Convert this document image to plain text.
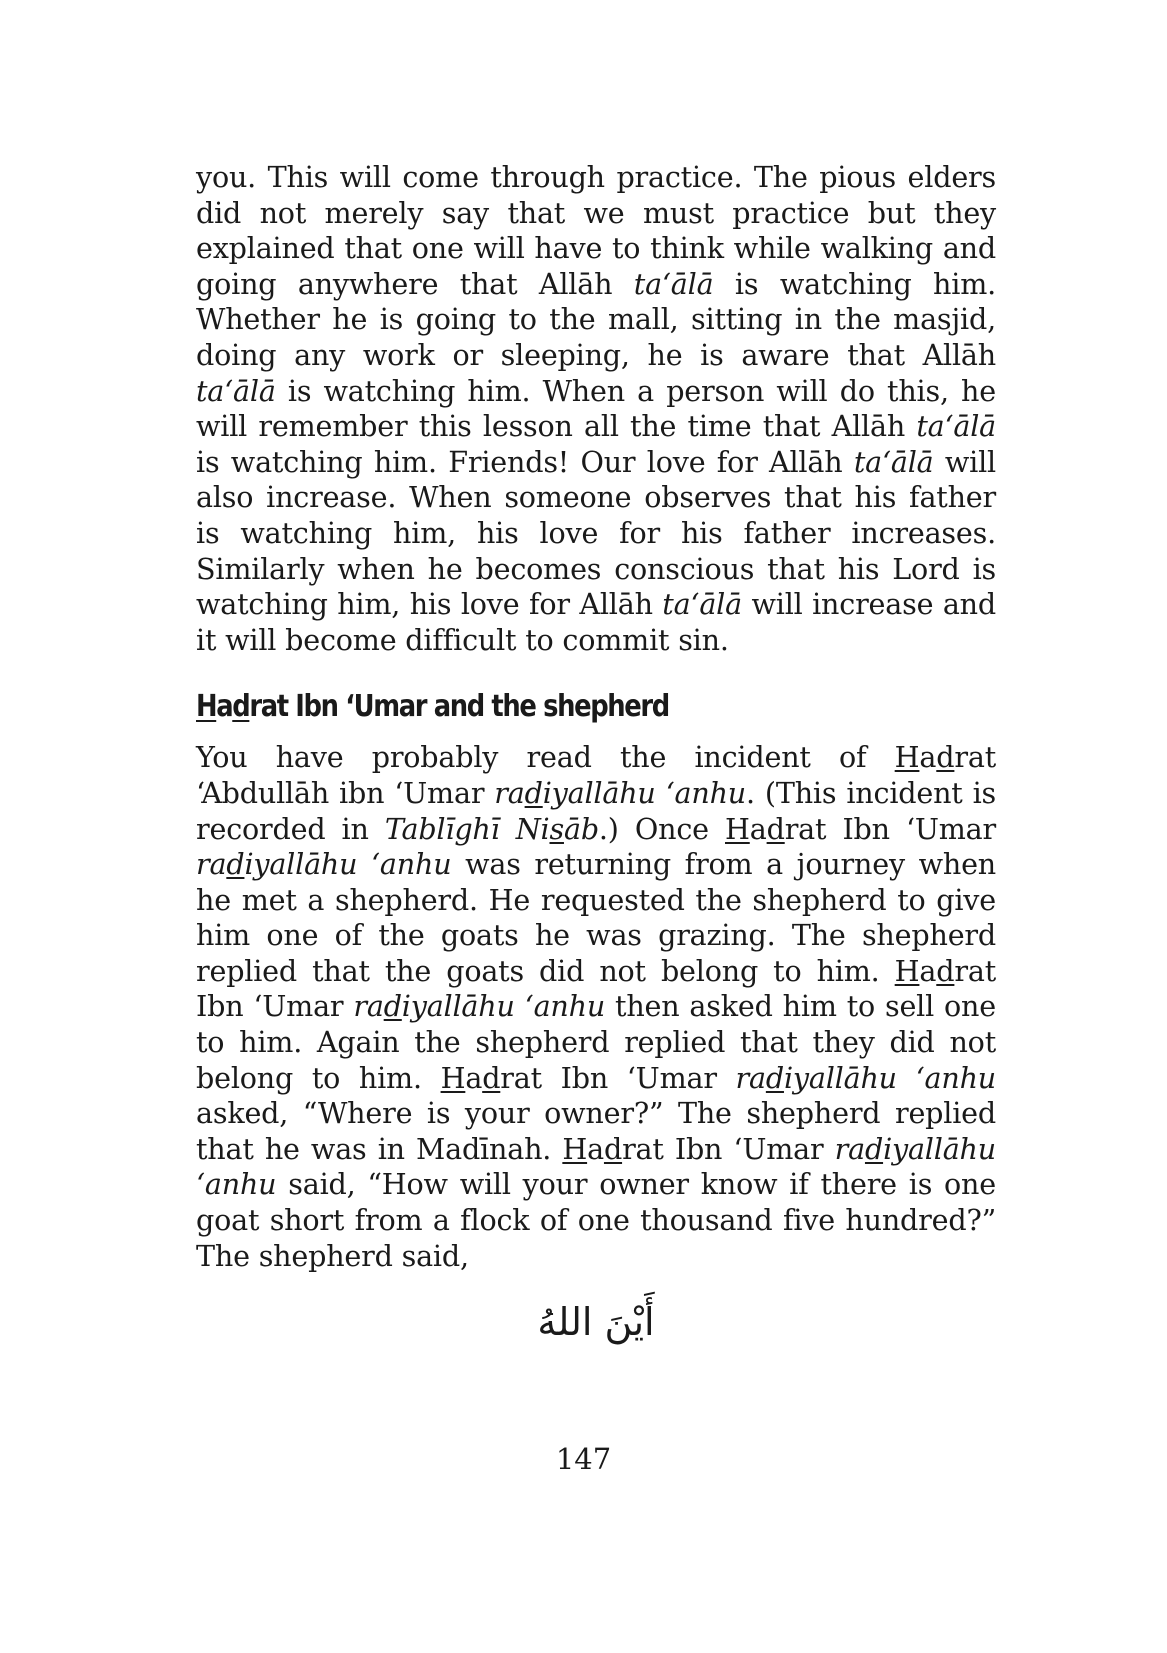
you. This will come through practice. The pious elders did not merely say that we must practice but they explained that one will have to think while walking and going anywhere that Allāh ta‘ālā is watching him. Whether he is going to the mall, sitting in the masjid, doing any work or sleeping, he is aware that Allāh ta‘ālā is watching him. When a person will do this, he will remember this lesson all the time that Allāh ta‘ālā is watching him. Friends! Our love for Allāh ta‘ālā will also increase. When someone observes that his father is watching him, his love for his father increases. Similarly when he becomes conscious that his Lord is watching him, his love for Allāh ta‘ālā will increase and it will become difficult to commit sin.

Hadrat Ibn ‘Umar and the shepherd

You have probably read the incident of Hadrat ‘Abdullāh ibn ‘Umar radiyallāhu ‘anhu. (This incident is recorded in Tablīghī Nisāb.) Once Hadrat Ibn ‘Umar radiyallāhu ‘anhu was returning from a journey when he met a shepherd. He requested the shepherd to give him one of the goats he was grazing. The shepherd replied that the goats did not belong to him. Hadrat Ibn ‘Umar radiyallāhu ‘anhu then asked him to sell one to him. Again the shepherd replied that they did not belong to him. Hadrat Ibn ‘Umar radiyallāhu ‘anhu asked, “Where is your owner?” The shepherd replied that he was in Madīnah. Hadrat Ibn ‘Umar radiyallāhu ‘anhu said, “How will your owner know if there is one goat short from a flock of one thousand five hundred?” The shepherd said,

أَيْنَ اللهُ
147
